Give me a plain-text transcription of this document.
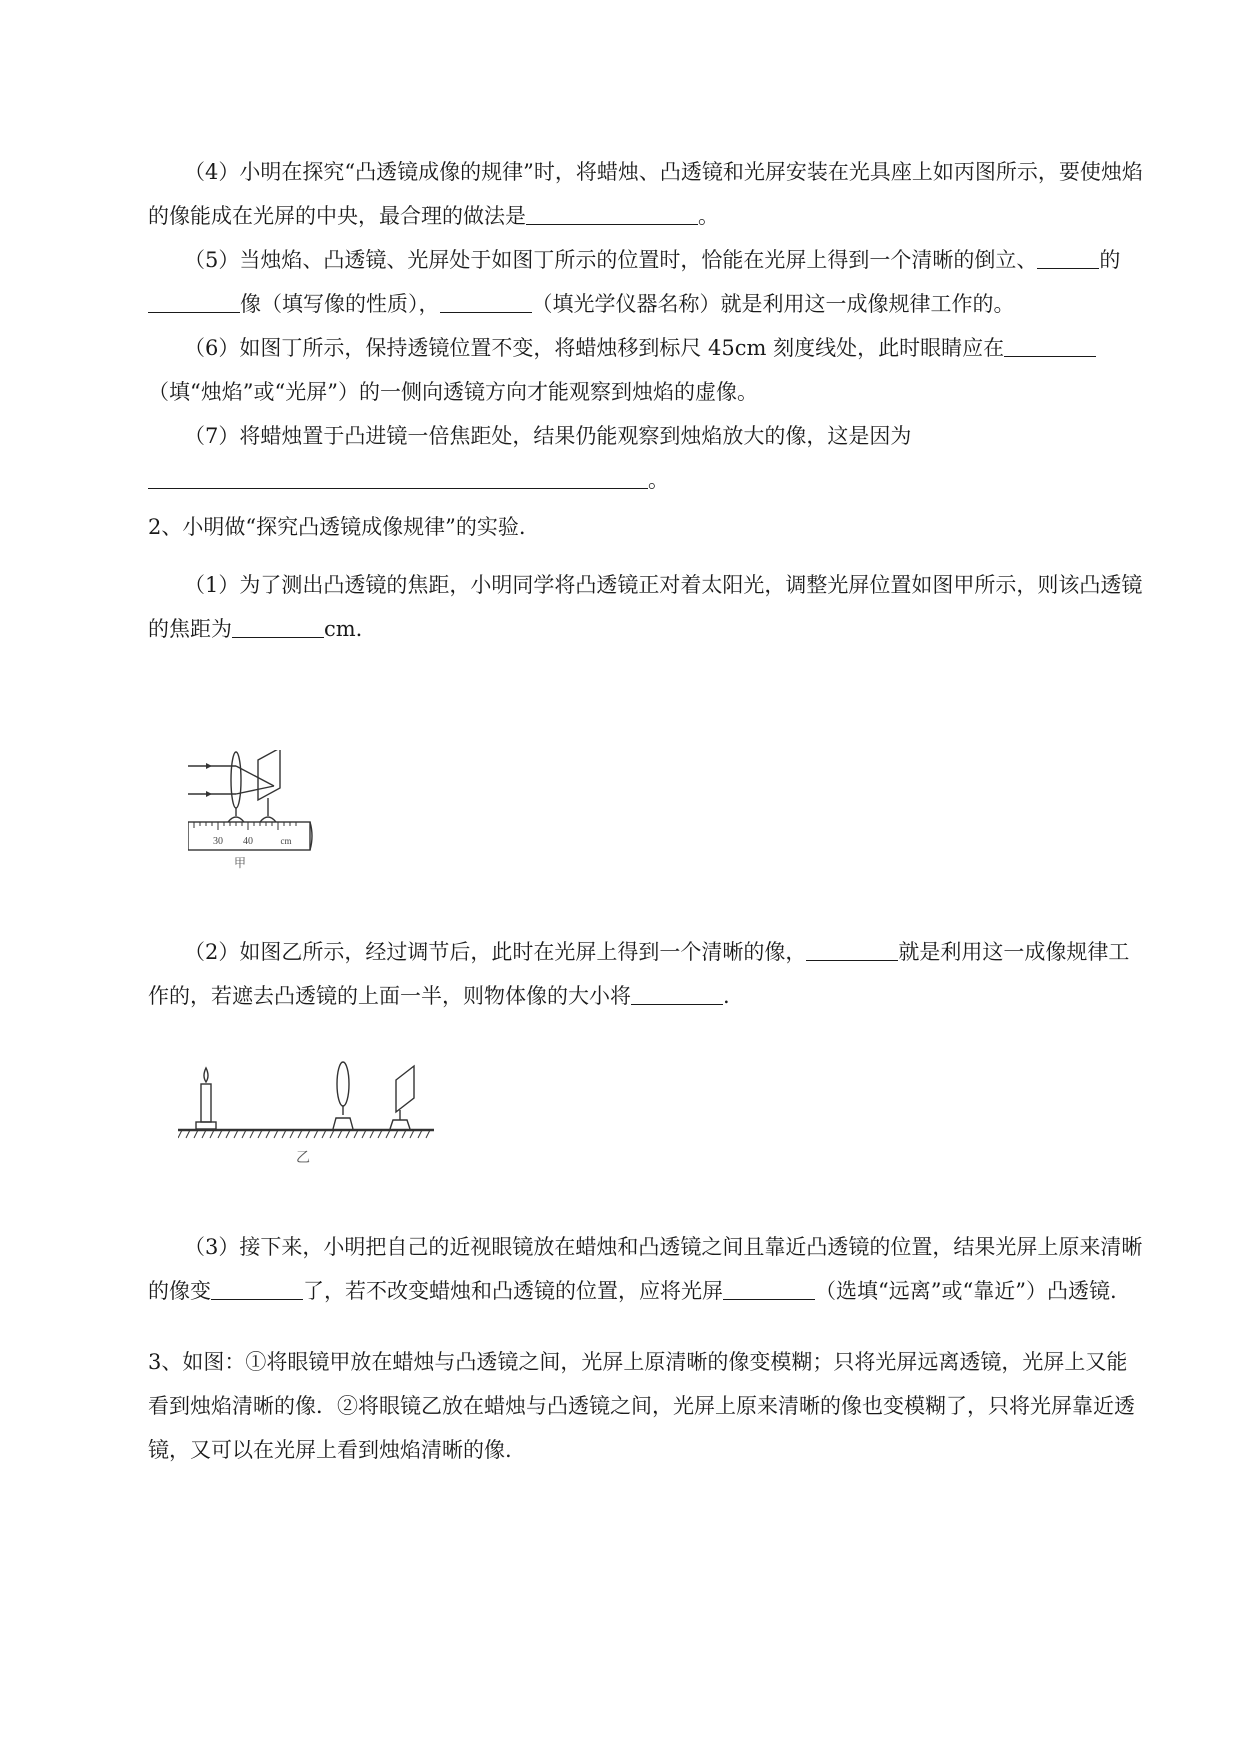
（4）小明在探究“凸透镜成像的规律”时，将蜡烛、凸透镜和光屏安装在光具座上如丙图所示，要使烛焰的像能成在光屏的中央，最合理的做法是	。
（5）当烛焰、凸透镜、光屏处于如图丁所示的位置时，恰能在光屏上得到一个清晰的倒立、	的像（填写像的性质），	（填光学仪器名称）就是利用这一成像规律工作的。
（6）如图丁所示，保持透镜位置不变，将蜡烛移到标尺 45cm 刻度线处，此时眼睛应在（填“烛焰”或“光屏”）的一侧向透镜方向才能观察到烛焰的虚像。
（7）将蜡烛置于凸进镜一倍焦距处，结果仍能观察到烛焰放大的像，这是因为。
2、小明做“探究凸透镜成像规律”的实验.
（1）为了测出凸透镜的焦距，小明同学将凸透镜正对着太阳光，调整光屏位置如图甲所示，则该凸透镜的焦距为	cm.
30 40	cm
甲
（2）如图乙所示，经过调节后，此时在光屏上得到一个清晰的像，	就是利用这一成像规律工作的，若遮去凸透镜的上面一半，则物体像的大小将	.
乙
（3）接下来，小明把自己的近视眼镜放在蜡烛和凸透镜之间且靠近凸透镜的位置，结果光屏上原来清晰的像变	了，若不改变蜡烛和凸透镜的位置，应将光屏	（选填“远离”或“靠近”）凸透镜.
3、如图：①将眼镜甲放在蜡烛与凸透镜之间，光屏上原清晰的像变模糊；只将光屏远离透镜，光屏上又能看到烛焰清晰的像．②将眼镜乙放在蜡烛与凸透镜之间，光屏上原来清晰的像也变模糊了，只将光屏靠近透镜，又可以在光屏上看到烛焰清晰的像.
